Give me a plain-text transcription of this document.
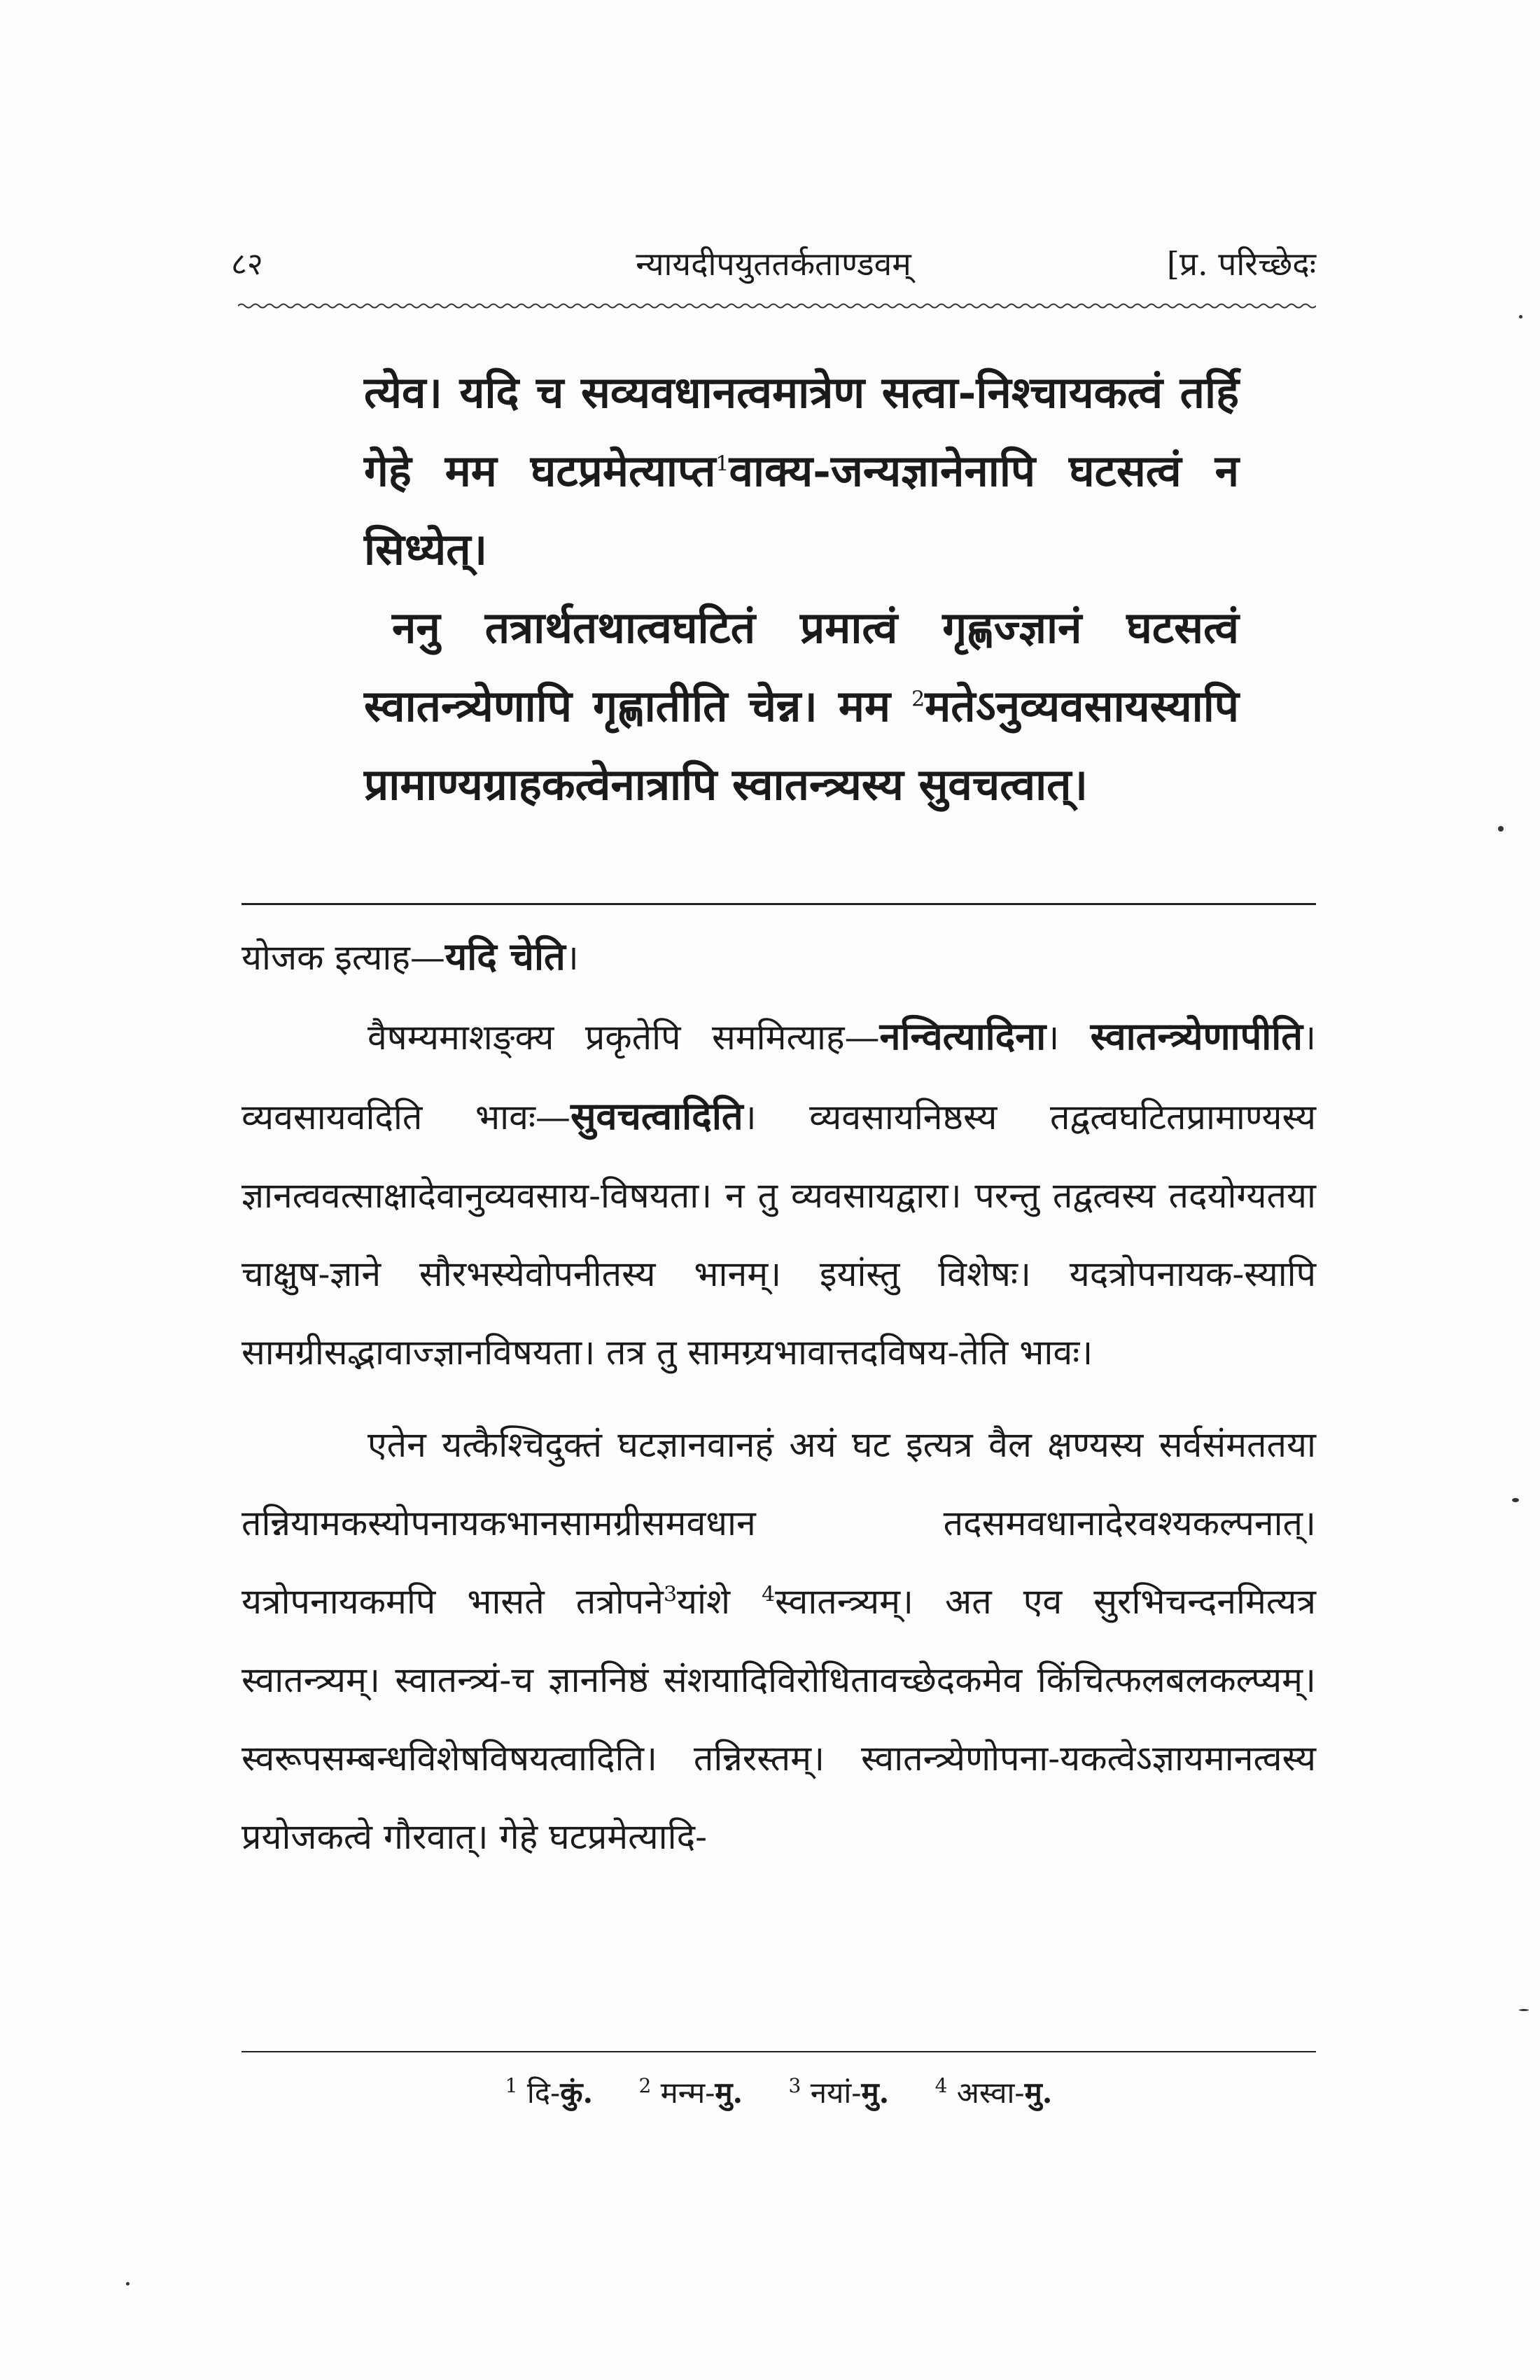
८२	न्यायदीपयुततर्कताण्डवम्	[प्र. परिच्छेदः

त्येव। यदि च सव्यवधानत्वमात्रेण सत्वा-निश्चायकत्वं तर्हि गेहे मम घटप्रमेत्याप्त$^1$वाक्य-जन्यज्ञानेनापि घटसत्वं न सिध्येत्।

ननु तत्रार्थतथात्वघटितं प्रमात्वं गृह्णज्ज्ञानं घटसत्वं स्वातन्त्र्येणापि गृह्णातीति चेन्न। मम $^2$मतेऽनुव्यवसायस्यापि प्रामाण्यग्राहकत्वेनात्रापि स्वातन्त्र्यस्य सुवचत्वात्।

योजक इत्याह—यदि चेति।

वैषम्यमाशङ्क्य प्रकृतेपि सममित्याह—नन्वित्यादिना। स्वातन्त्र्येणापीति। व्यवसायवदिति भावः—सुवचत्वादिति। व्यवसायनिष्ठस्य तद्वत्वघटितप्रामाण्यस्य ज्ञानत्ववत्साक्षादेवानुव्यवसाय-विषयता। न तु व्यवसायद्वारा। परन्तु तद्वत्वस्य तदयोग्यतया चाक्षुष-ज्ञाने सौरभस्येवोपनीतस्य भानम्। इयांस्तु विशेषः। यदत्रोपनायक-स्यापि सामग्रीसद्भावाज्ज्ञानविषयता। तत्र तु सामग्र्यभावात्तदविषय-तेति भावः।

एतेन यत्कैश्चिदुक्तं घटज्ञानवानहं अयं घट इत्यत्र वैल क्षण्यस्य सर्वसंमततया तन्नियामकस्योपनायकभानसामग्रीसमवधान तदसमवधानादेरवश्यकल्पनात्। यत्रोपनायकमपि भासते तत्रोपने$^3$यांशे $^4$स्वातन्त्र्यम्। अत एव सुरभिचन्दनमित्यत्र स्वातन्त्र्यम्। स्वातन्त्र्यं-च ज्ञाननिष्ठं संशयादिविरोधितावच्छेदकमेव किंचित्फलबलकल्प्यम्। स्वरूपसम्बन्धविशेषविषयत्वादिति। तन्निरस्तम्। स्वातन्त्र्येणोपना-यकत्वेऽज्ञायमानत्वस्य प्रयोजकत्वे गौरवात्। गेहे घटप्रमेत्यादि-

$^1$ दि-कुं. $^2$ मन्म-मु. $^3$ नयां-मु. $^4$ अस्वा-मु.
